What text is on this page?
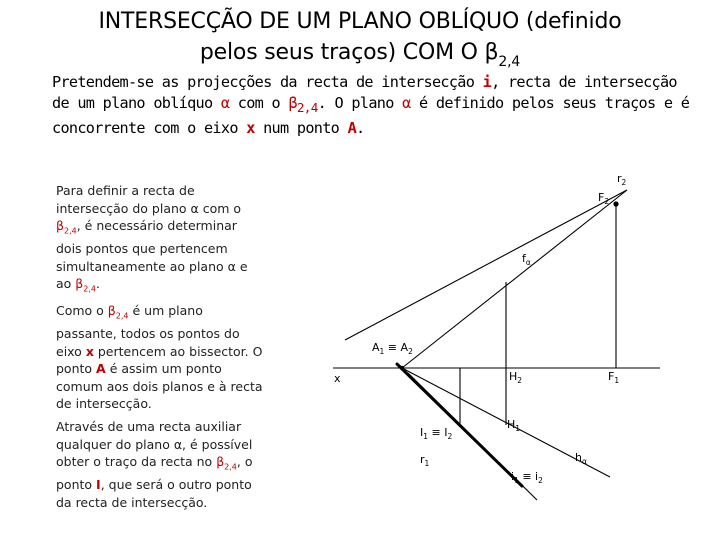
INTERSECÇÃO DE UM PLANO OBLÍQUO (definido
pelos seus traços) COM O $\beta_{2,4}$
Pretendem-se as projecções da recta de intersecção i, recta de intersecção de um plano oblíquo α com o $\beta_{2,4}$. O plano α é definido pelos seus traços e é concorrente com o eixo x num ponto A.
Para definir a recta de intersecção do plano α com o $\beta_{2,4}$, é necessário determinar dois pontos que pertencem simultaneamente ao plano α e ao $\beta_{2,4}$.
Como o $\beta_{2,4}$ é um plano passante, todos os pontos do eixo x pertencem ao bissector. O ponto A é assim um ponto comum aos dois planos e à recta de intersecção.
Através de uma recta auxiliar qualquer do plano α, é possível obter o traço da recta no $\beta_{2,4}$, o ponto I, que será o outro ponto da recta de intersecção.
$r_2$
$F_2$
$f_\alpha$
$A_1 \equiv A_2$
x	$H_2$	$F_1$
$I_1 \equiv I_2$
$H_1$
$r_1$	$h_\alpha$
$i_1 \equiv i_2$
